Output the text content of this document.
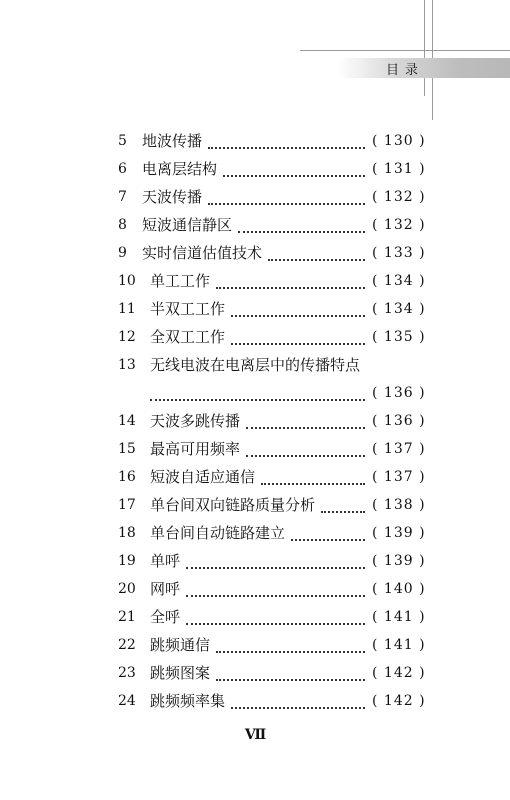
目录
5 地波传播	( 130 )
6 电离层结构	( 131 )
7 天波传播	( 132 )
8 短波通信静区	( 132 )
9 实时信道估值技术	( 133 )
10 单工工作	( 134 )
11 半双工工作	( 134 )
12 全双工工作	( 135 )
13 无线电波在电离层中的传播特点
( 136 )
14 天波多跳传播	( 136 )
15 最高可用频率	( 137 )
16 短波自适应通信	( 137 )
17 单台间双向链路质量分析	( 138 )
18 单台间自动链路建立	( 139 )
19 单呼	( 139 )
20 网呼	( 140 )
21 全呼	( 141 )
22 跳频通信	( 141 )
23 跳频图案	( 142 )
24 跳频频率集	( 142 )
Ⅶ
